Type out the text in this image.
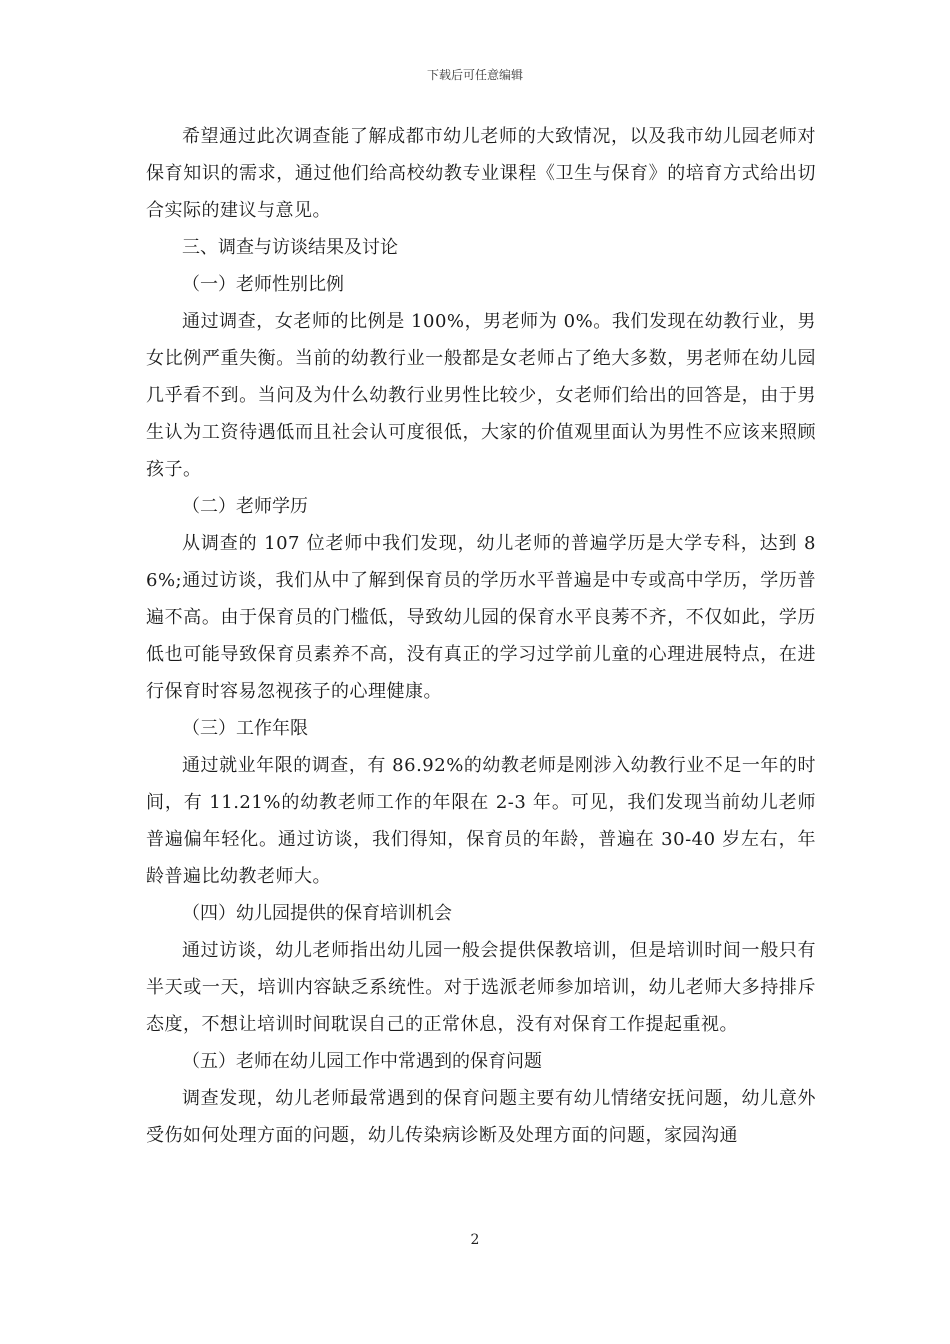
下载后可任意编辑

希望通过此次调查能了解成都市幼儿老师的大致情况，以及我市幼儿园老师对保育知识的需求，通过他们给高校幼教专业课程《卫生与保育》的培育方式给出切合实际的建议与意见。

三、调查与访谈结果及讨论

（一）老师性别比例

通过调查，女老师的比例是 100%，男老师为 0%。我们发现在幼教行业，男女比例严重失衡。当前的幼教行业一般都是女老师占了绝大多数，男老师在幼儿园几乎看不到。当问及为什么幼教行业男性比较少，女老师们给出的回答是，由于男生认为工资待遇低而且社会认可度很低，大家的价值观里面认为男性不应该来照顾孩子。

（二）老师学历

从调查的 107 位老师中我们发现，幼儿老师的普遍学历是大学专科，达到 86%;通过访谈，我们从中了解到保育员的学历水平普遍是中专或高中学历，学历普遍不高。由于保育员的门槛低，导致幼儿园的保育水平良莠不齐，不仅如此，学历低也可能导致保育员素养不高，没有真正的学习过学前儿童的心理进展特点，在进行保育时容易忽视孩子的心理健康。

（三）工作年限

通过就业年限的调查，有 86.92%的幼教老师是刚涉入幼教行业不足一年的时间，有 11.21%的幼教老师工作的年限在 2-3 年。可见，我们发现当前幼儿老师普遍偏年轻化。通过访谈，我们得知，保育员的年龄，普遍在 30-40 岁左右，年龄普遍比幼教老师大。

（四）幼儿园提供的保育培训机会

通过访谈，幼儿老师指出幼儿园一般会提供保教培训，但是培训时间一般只有半天或一天，培训内容缺乏系统性。对于选派老师参加培训，幼儿老师大多持排斥态度，不想让培训时间耽误自己的正常休息，没有对保育工作提起重视。

（五）老师在幼儿园工作中常遇到的保育问题

调查发现，幼儿老师最常遇到的保育问题主要有幼儿情绪安抚问题，幼儿意外受伤如何处理方面的问题，幼儿传染病诊断及处理方面的问题，家园沟通

2
